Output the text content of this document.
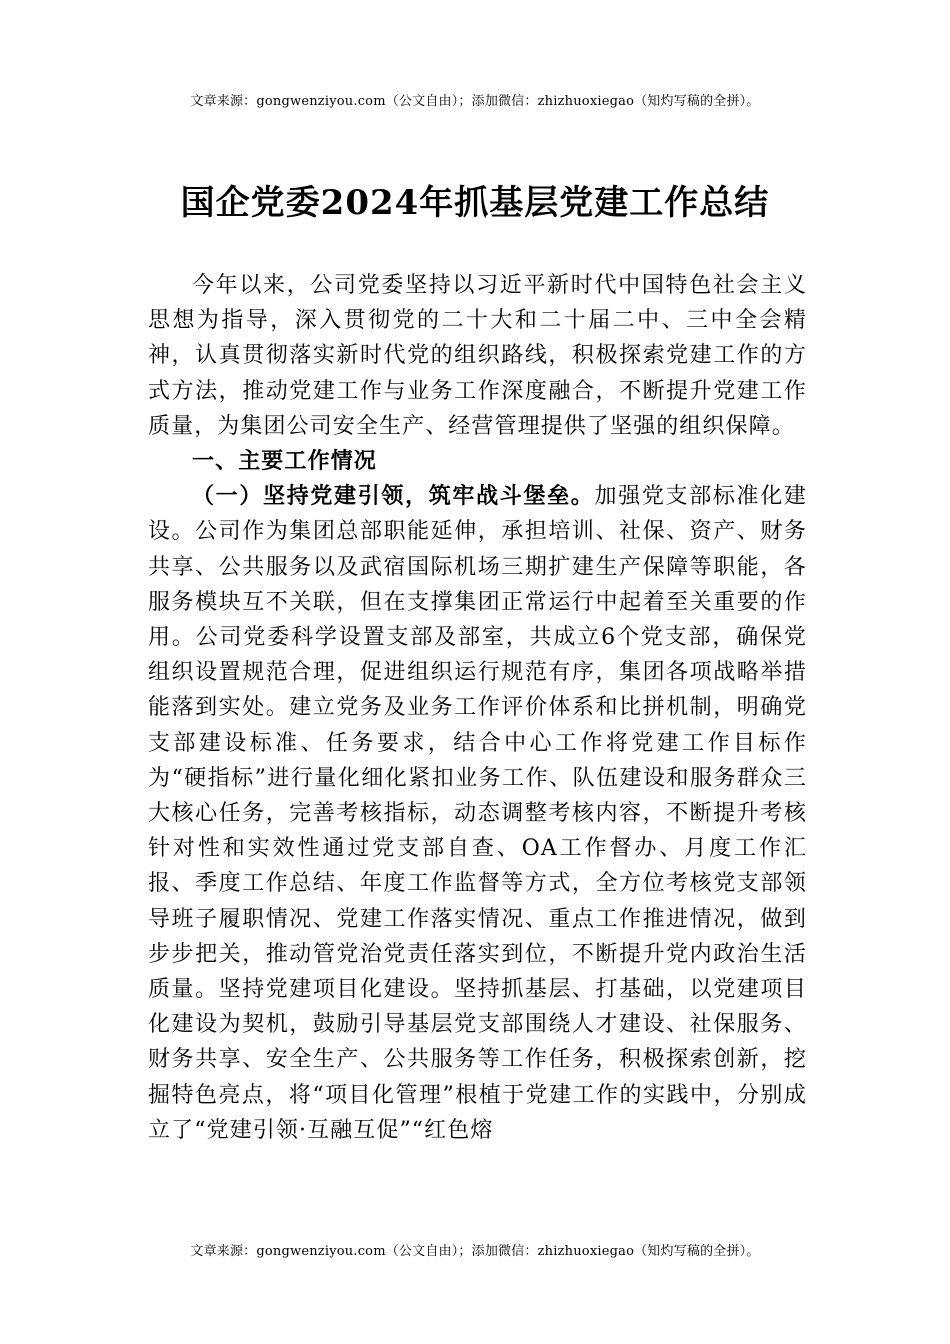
文章来源：gongwenziyou.com（公文自由）；添加微信：zhizhuoxiegao（知灼写稿的全拼）。
国企党委2024年抓基层党建工作总结

今年以来，公司党委坚持以习近平新时代中国特色社会主义思想为指导，深入贯彻党的二十大和二十届二中、三中全会精神，认真贯彻落实新时代党的组织路线，积极探索党建工作的方式方法，推动党建工作与业务工作深度融合，不断提升党建工作质量，为集团公司安全生产、经营管理提供了坚强的组织保障。

一、主要工作情况

（一）坚持党建引领，筑牢战斗堡垒。加强党支部标准化建设。公司作为集团总部职能延伸，承担培训、社保、资产、财务共享、公共服务以及武宿国际机场三期扩建生产保障等职能，各服务模块互不关联，但在支撑集团正常运行中起着至关重要的作用。公司党委科学设置支部及部室，共成立6个党支部，确保党组织设置规范合理，促进组织运行规范有序，集团各项战略举措能落到实处。建立党务及业务工作评价体系和比拼机制，明确党支部建设标准、任务要求，结合中心工作将党建工作目标作为“硬指标”进行量化细化紧扣业务工作、队伍建设和服务群众三大核心任务，完善考核指标，动态调整考核内容，不断提升考核针对性和实效性通过党支部自查、OA工作督办、月度工作汇报、季度工作总结、年度工作监督等方式，全方位考核党支部领导班子履职情况、党建工作落实情况、重点工作推进情况，做到步步把关，推动管党治党责任落实到位，不断提升党内政治生活质量。坚持党建项目化建设。坚持抓基层、打基础，以党建项目化建设为契机，鼓励引导基层党支部围绕人才建设、社保服务、财务共享、安全生产、公共服务等工作任务，积极探索创新，挖掘特色亮点，将“项目化管理”根植于党建工作的实践中，分别成立了“党建引领·互融互促”“红色熔

文章来源：gongwenziyou.com（公文自由）；添加微信：zhizhuoxiegao（知灼写稿的全拼）。
